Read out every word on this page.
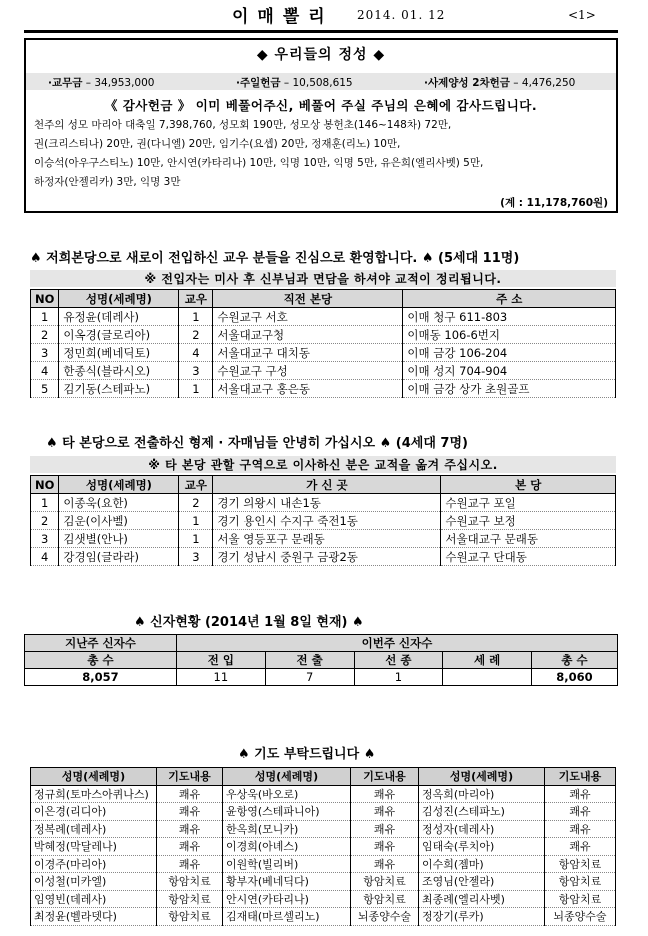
이매뽈리 2014. 01. 12	<1>
◆ 우리들의 정성 ◆
·교무금 – 34,953,000	·주일헌금 – 10,508,615	·사제양성 2차헌금 – 4,476,250
《 감사헌금 》 이미 베풀어주신, 베풀어 주실 주님의 은혜에 감사드립니다.
천주의 성모 마리아 대축일 7,398,760, 성모회 190만, 성모상 봉헌초(146~148차) 72만,
권(크리스티나) 20만, 권(다니엘) 20만, 임기수(요셉) 20만, 정재훈(리노) 10만,
이승석(아우구스티노) 10만, 안시연(카타리나) 10만, 익명 10만, 익명 5만, 유은희(엘리사벳) 5만,
하정자(안젤리카) 3만, 익명 3만
(계 : 11,178,760원)
♠ 저희본당으로 새로이 전입하신 교우 분들을 진심으로 환영합니다. ♠ (5세대 11명)
※ 전입자는 미사 후 신부님과 면담을 하셔야 교적이 정리됩니다.
NO	성명(세례명)	교우	직전 본당	주 소
1	유정윤(데레사)	1	수원교구 서호	이매 청구 611-803
2	이옥경(글로리아)	2	서울대교구청	이매동 106-6번지
3	정민희(베네딕토)	4	서울대교구 대치동	이매 금강 106-204
4	한종식(블라시오)	3	수원교구 구성	이매 성지 704-904
5	김기동(스테파노)	1	서울대교구 홍은동	이매 금강 상가 초원골프
♠ 타 본당으로 전출하신 형제 · 자매님들 안녕히 가십시오 ♠ (4세대 7명)
※ 타 본당 관할 구역으로 이사하신 분은 교적을 옮겨 주십시오.
NO	성명(세례명)	교우	가 신 곳	본 당
1	이종욱(요한)	2	경기 의왕시 내손1동	수원교구 포일
2	김운(이사벨)	1	경기 용인시 수지구 죽전1동	수원교구 보정
3	김샛별(안나)	1	서울 영등포구 문래동	서울대교구 문래동
4	강경임(글라라)	3	경기 성남시 중원구 금광2동	수원교구 단대동
♠ 신자현황 (2014년 1월 8일 현재) ♠
지난주 신자수	이번주 신자수				
총 수	전 입	전 출	선 종	세 례	총 수
8,057	11	7	1		8,060
♠ 기도 부탁드립니다 ♠
성명(세례명)	기도내용	성명(세례명)	기도내용	성명(세례명)	기도내용
정규희(토마스아퀴나스)	쾌유	우상욱(바오로)	쾌유	정옥희(마리아)	쾌유
이은경(리디아)	쾌유	윤항영(스테파니아)	쾌유	김성진(스테파노)	쾌유
정복례(데레사)	쾌유	한옥희(모니카)	쾌유	정성자(데레사)	쾌유
박혜정(막달레나)	쾌유	이경희(아녜스)	쾌유	임태숙(루치아)	쾌유
이경주(마리아)	쾌유	이원학(빌리버)	쾌유	이수희(젬마)	항암치료
이성철(미카엘)	항암치료	황부자(베네딕다)	항암치료	조영님(안젤라)	항암치료
임영빈(데레사)	항암치료	안시연(카타리나)	항암치료	최종례(엘리사벳)	항암치료
최정윤(벨라뎃다)	항암치료	김재태(마르셀리노)	뇌종양수술	정장기(루카)	뇌종양수술
